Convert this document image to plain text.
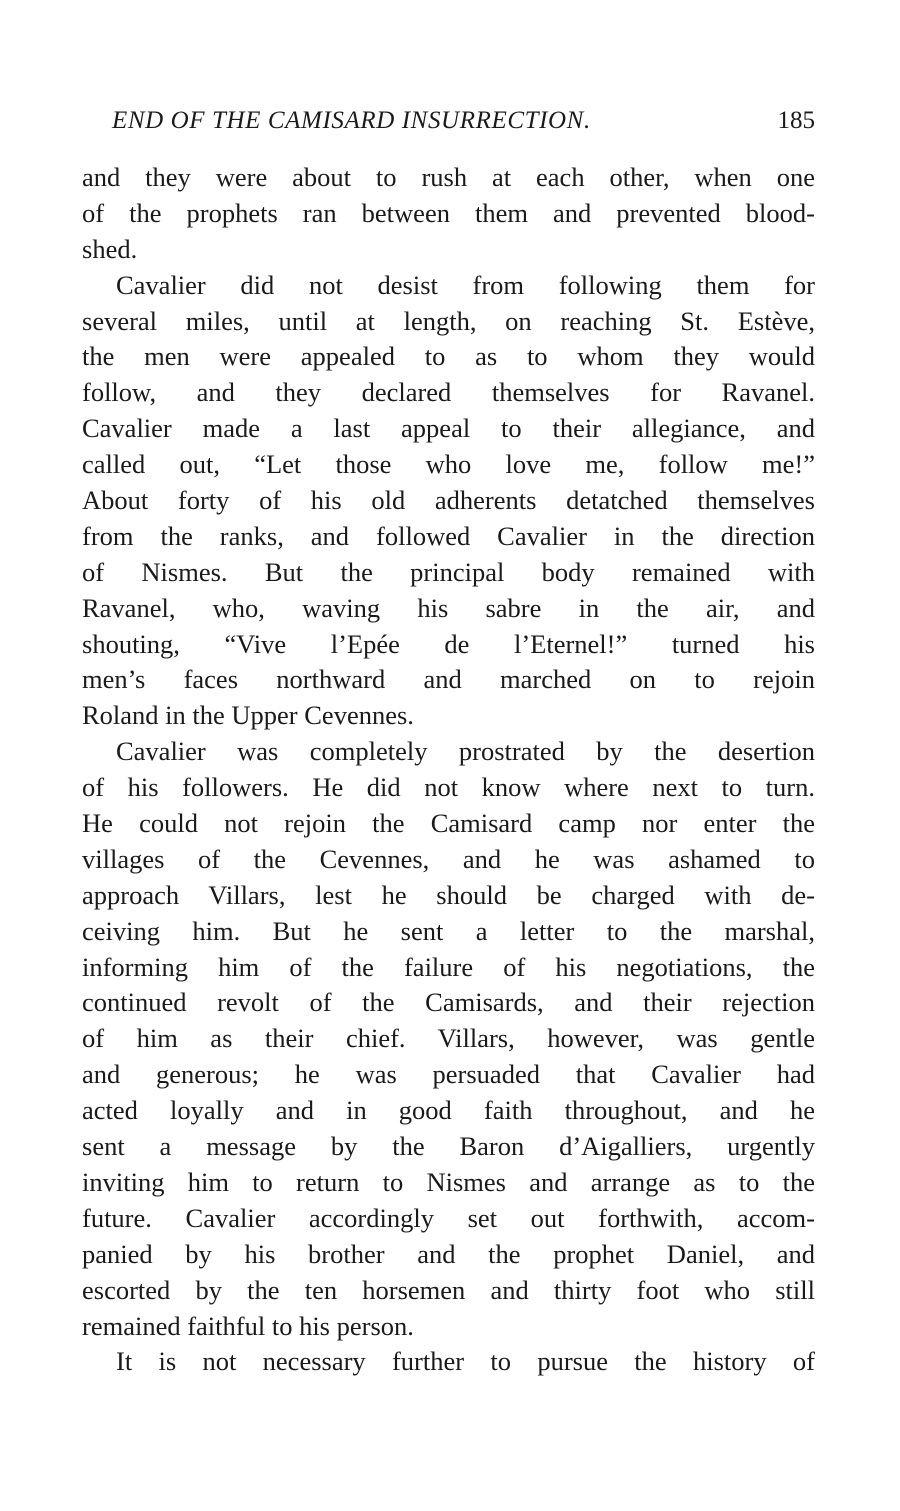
END OF THE CAMISARD INSURRECTION.	185

and they were about to rush at each other, when one
of the prophets ran between them and prevented blood-
shed.

Cavalier did not desist from following them for
several miles, until at length, on reaching St. Estève,
the men were appealed to as to whom they would
follow, and they declared themselves for Ravanel.
Cavalier made a last appeal to their allegiance, and
called out, “Let those who love me, follow me!”
About forty of his old adherents detatched themselves
from the ranks, and followed Cavalier in the direction
of Nismes. But the principal body remained with
Ravanel, who, waving his sabre in the air, and
shouting, “Vive l’Epée de l’Eternel!” turned his
men’s faces northward and marched on to rejoin
Roland in the Upper Cevennes.

Cavalier was completely prostrated by the desertion
of his followers. He did not know where next to turn.
He could not rejoin the Camisard camp nor enter the
villages of the Cevennes, and he was ashamed to
approach Villars, lest he should be charged with de-
ceiving him. But he sent a letter to the marshal,
informing him of the failure of his negotiations, the
continued revolt of the Camisards, and their rejection
of him as their chief. Villars, however, was gentle
and generous; he was persuaded that Cavalier had
acted loyally and in good faith throughout, and he
sent a message by the Baron d’Aigalliers, urgently
inviting him to return to Nismes and arrange as to the
future. Cavalier accordingly set out forthwith, accom-
panied by his brother and the prophet Daniel, and
escorted by the ten horsemen and thirty foot who still
remained faithful to his person.

It is not necessary further to pursue the history of
